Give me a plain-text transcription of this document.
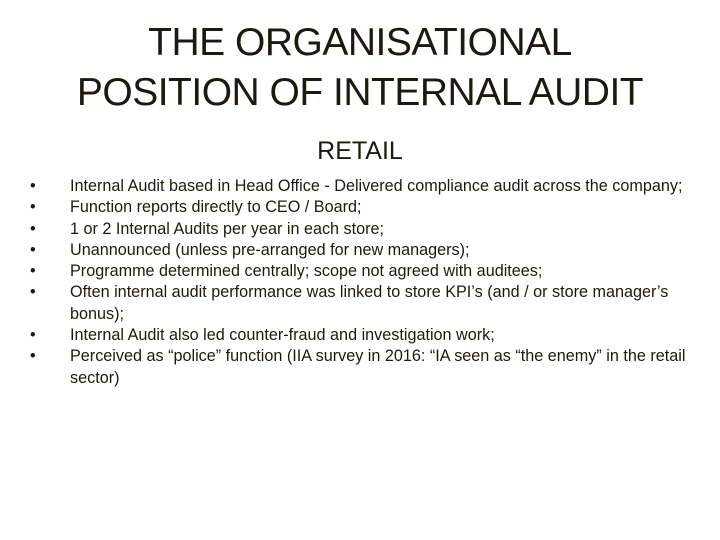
THE ORGANISATIONAL
POSITION OF INTERNAL AUDIT
RETAIL
•	Internal Audit based in Head Office - Delivered compliance audit across the company;
•	Function reports directly to CEO / Board;
•	1 or 2 Internal Audits per year in each store;
•	Unannounced (unless pre-arranged for new managers);
•	Programme determined centrally; scope not agreed with auditees;
•	Often internal audit performance was linked to store KPI’s (and / or store manager’s bonus);
•	Internal Audit also led counter-fraud and investigation work;
•	Perceived as “police” function (IIA survey in 2016: “IA seen as “the enemy” in the retail sector)
